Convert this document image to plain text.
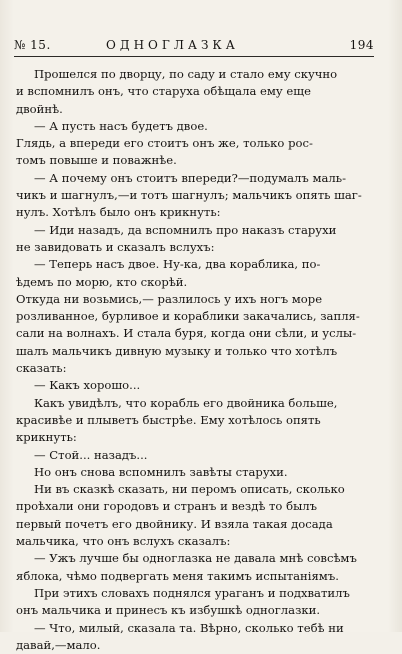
№ 15.	ОДНОГЛАЗКА	194

Прошелся по дворцу, по саду и стало ему скучно

и вспомнилъ онъ, что старуха обѣщала ему еще

двойнѣ.

— А пусть насъ будетъ двое.

Глядь, а впереди его стоитъ онъ же, только рос-

томъ повыше и поважнѣе.

— А почему онъ стоитъ впереди?—подумалъ маль-

чикъ и шагнулъ,—и тотъ шагнулъ; мальчикъ опять шаг-

нулъ. Хотѣлъ было онъ крикнуть:

— Иди назадъ, да вспомнилъ про наказъ старухи

не завидовать и сказалъ вслухъ:

— Теперь насъ двое. Ну-ка, два кораблика, по-

ѣдемъ по морю, кто скорѣй.

Откуда ни возьмись,— разлилось у ихъ ногъ море

розливанное, бурливое и кораблики закачались, запля-

сали на волнахъ. И стала буря, когда они сѣли, и услы-

шалъ мальчикъ дивную музыку и только что хотѣлъ

сказать:

— Какъ хорошо...

Какъ увидѣлъ, что корабль его двойника больше,

красивѣе и плыветъ быстрѣе. Ему хотѣлось опять

крикнуть:

— Стой... назадъ...

Но онъ снова вспомнилъ завѣты старухи.

Ни въ сказкѣ сказать, ни перомъ описать, сколько

проѣхали они городовъ и странъ и вездѣ то былъ

первый почетъ его двойнику. И взяла такая досада

мальчика, что онъ вслухъ сказалъ:

— Ужъ лучше бы одноглазка не давала мнѣ совсѣмъ

яблока, чѣмо подвергать меня такимъ испытаніямъ.

При этихъ словахъ поднялся ураганъ и подхватилъ

онъ мальчика и принесъ къ избушкѣ одноглазки.

— Что, милый, сказала та. Вѣрно, сколько тебѣ ни

давай,—мало.
